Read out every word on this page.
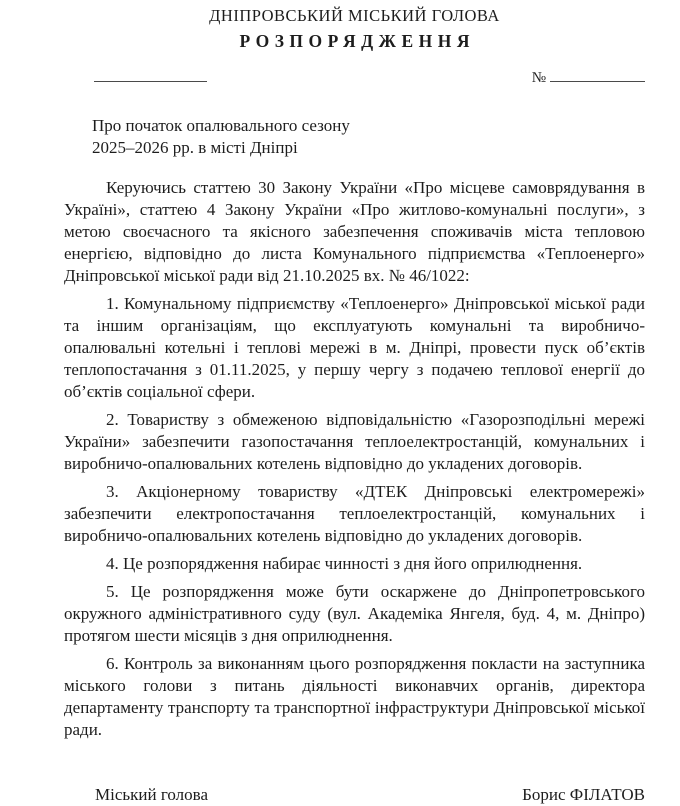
ДНІПРОВСЬКИЙ МІСЬКИЙ ГОЛОВА
РОЗПОРЯДЖЕННЯ
№
Про початок опалювального сезону
2025–2026 рр. в місті Дніпрі

Керуючись статтею 30 Закону України «Про місцеве самоврядування в Україні», статтею 4 Закону України «Про житлово-комунальні послуги», з метою своєчасного та якісного забезпечення споживачів міста тепловою енергією, відповідно до листа Комунального підприємства «Теплоенерго» Дніпровської міської ради від 21.10.2025 вх. № 46/1022:

1. Комунальному підприємству «Теплоенерго» Дніпровської міської ради та іншим організаціям, що експлуатують комунальні та виробничо-опалювальні котельні і теплові мережі в м. Дніпрі, провести пуск об’єктів теплопостачання з 01.11.2025, у першу чергу з подачею теплової енергії до об’єктів соціальної сфери.

2. Товариству з обмеженою відповідальністю «Газорозподільні мережі України» забезпечити газопостачання теплоелектростанцій, комунальних і виробничо-опалювальних котелень відповідно до укладених договорів.

3. Акціонерному товариству «ДТЕК Дніпровські електромережі» забезпечити електропостачання теплоелектростанцій, комунальних і виробничо-опалювальних котелень відповідно до укладених договорів.

4. Це розпорядження набирає чинності з дня його оприлюднення.

5. Це розпорядження може бути оскаржене до Дніпропетровського окружного адміністративного суду (вул. Академіка Янгеля, буд. 4, м. Дніпро) протягом шести місяців з дня оприлюднення.

6. Контроль за виконанням цього розпорядження покласти на заступника міського голови з питань діяльності виконавчих органів, директора департаменту транспорту та транспортної інфраструктури Дніпровської міської ради.

Міський голова	Борис ФІЛАТОВ
